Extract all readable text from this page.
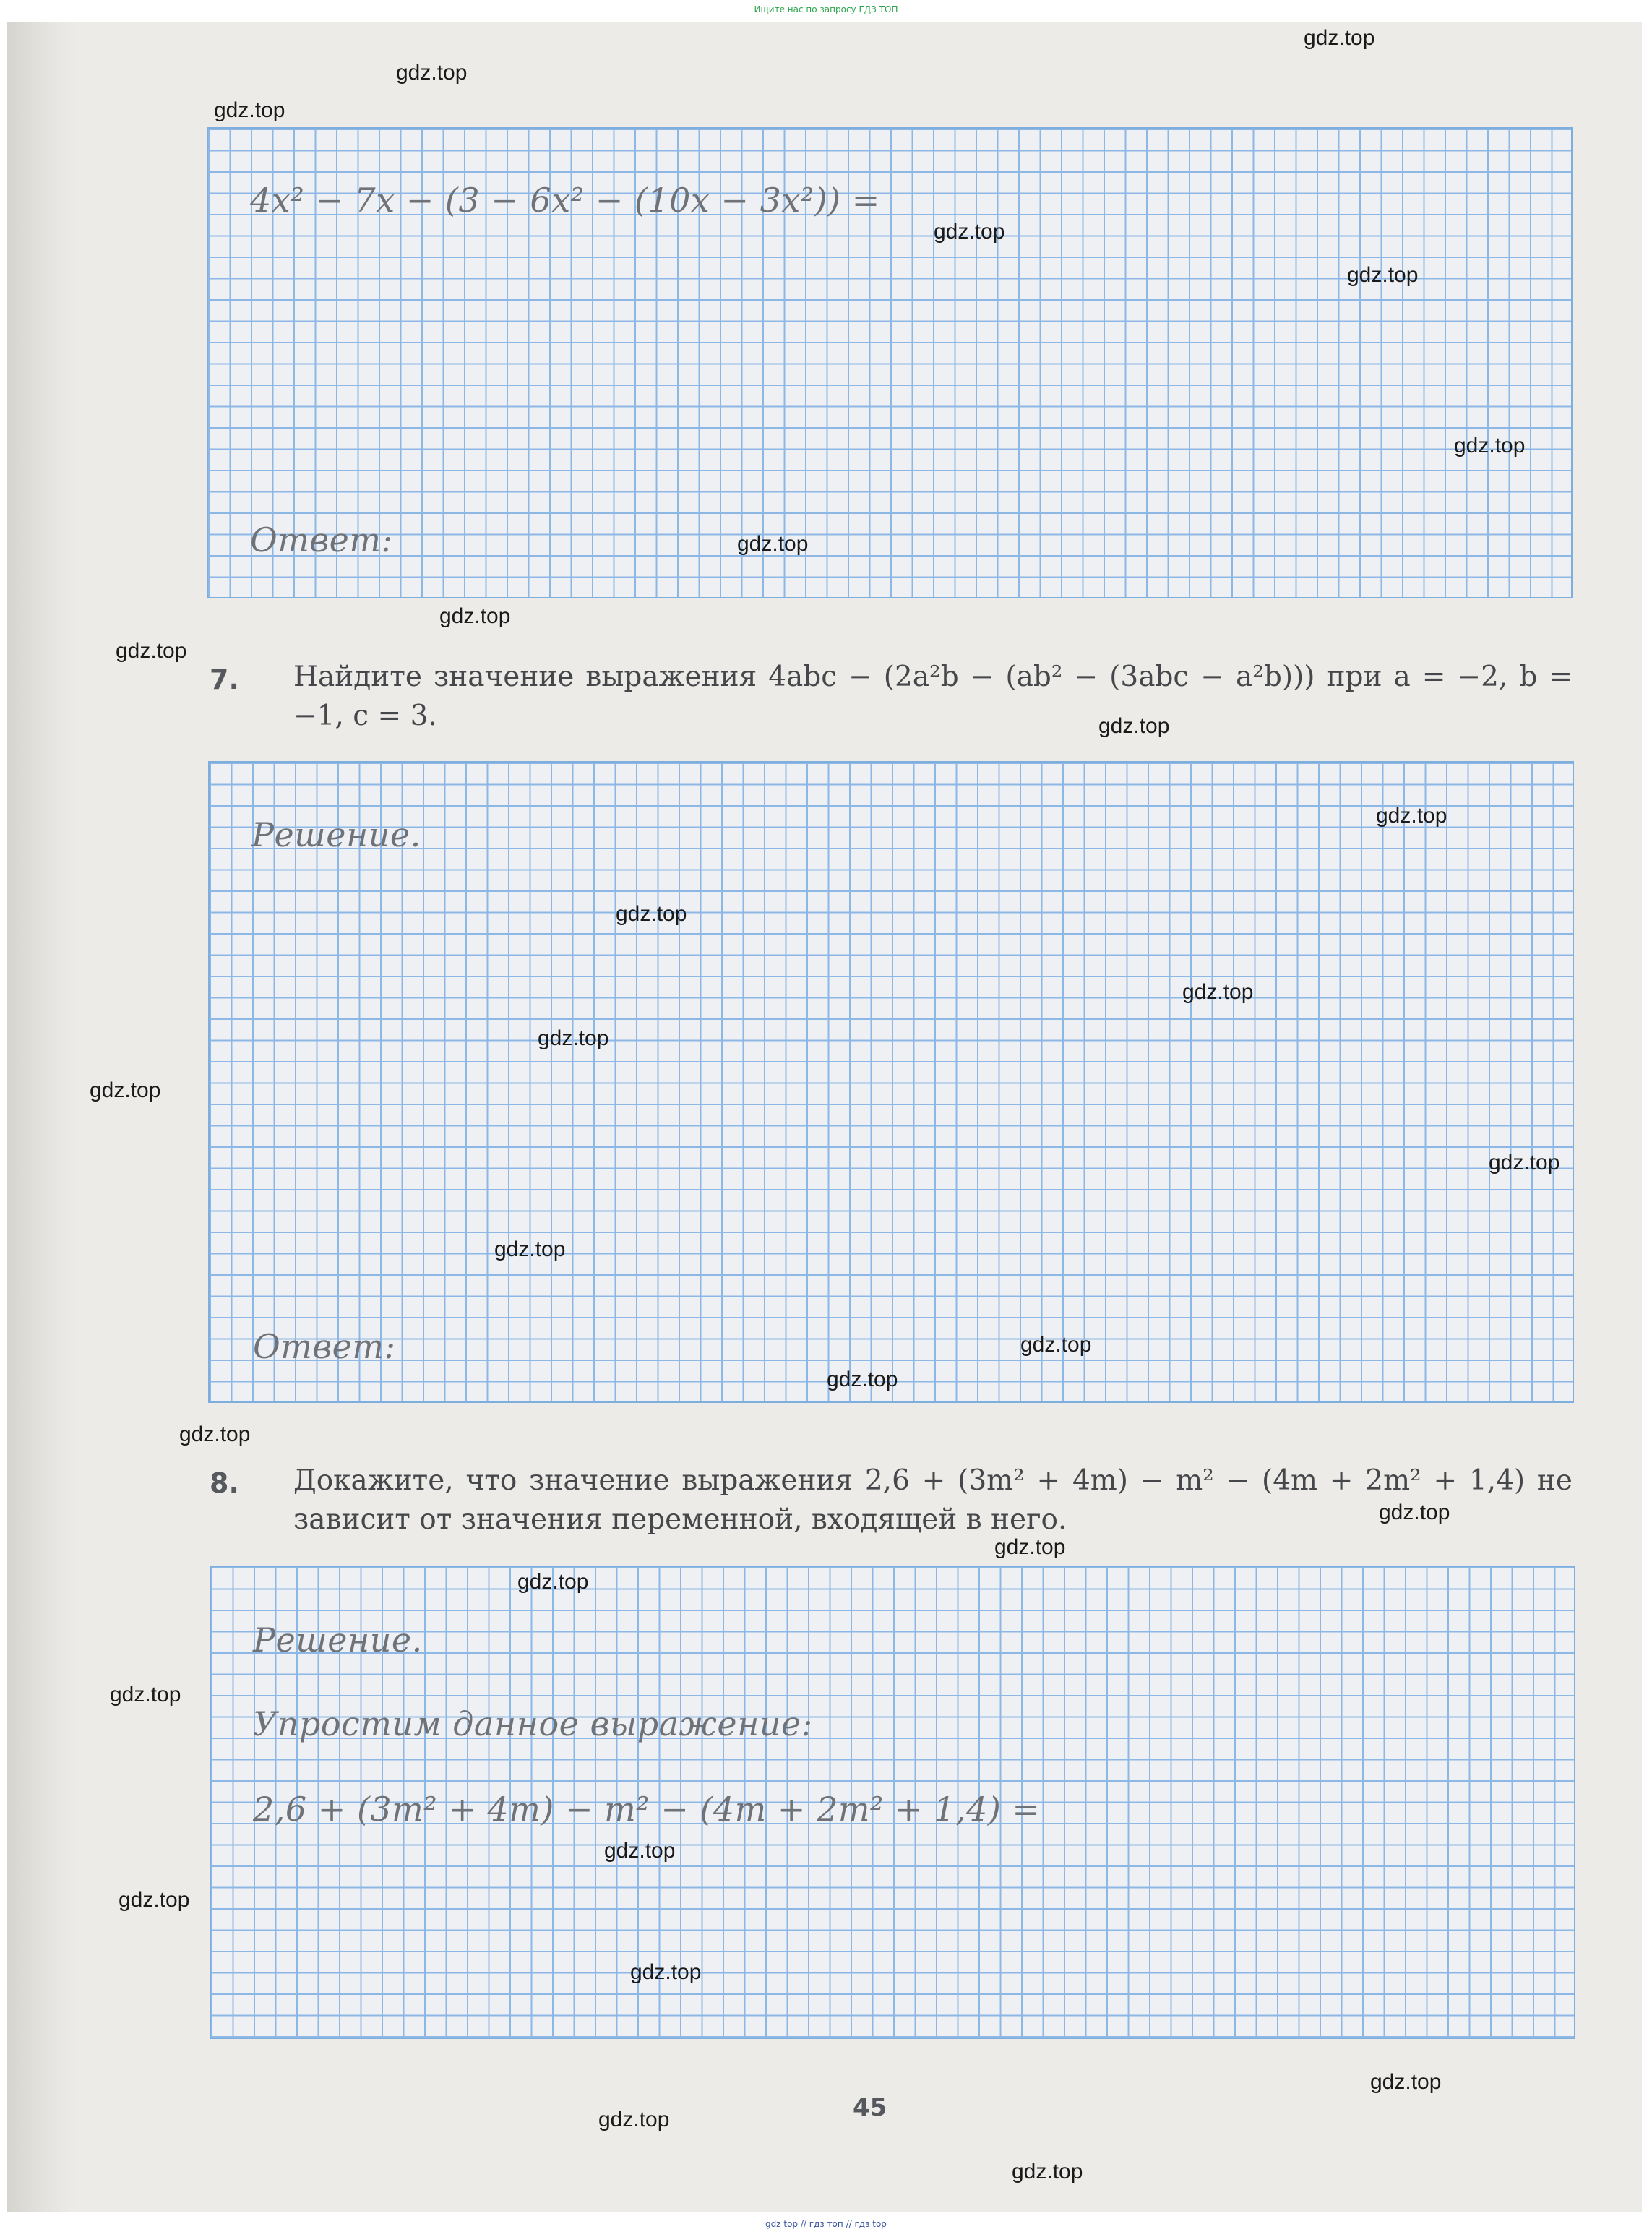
Ищите нас по запросу ГДЗ ТОП
4x² − 7x − (3 − 6x² − (10x − 3x²)) =
Ответ:
7. Найдите значение выражения 4abc − (2a²b − (ab² − (3abc − a²b))) при a = −2, b = −1, c = 3.
Решение.
Ответ:
8. Докажите, что значение выражения 2,6 + (3m² + 4m) − m² − (4m + 2m² + 1,4) не зависит от значения переменной, входящей в него.
Решение.
Упростим данное выражение:
2,6 + (3m² + 4m) − m² − (4m + 2m² + 1,4) =
45
gdz.top
gdz.top
gdz.top
gdz.top
gdz.top
gdz.top
gdz.top
gdz.top
gdz.top
gdz.top
gdz.top
gdz.top
gdz.top
gdz.top
gdz.top
gdz.top
gdz.top
gdz.top
gdz.top
gdz.top
gdz.top
gdz.top
gdz.top
gdz.top
gdz.top
gdz.top
gdz.top
gdz.top
gdz.top
gdz.top
gdz top // гдз топ // гдз top
